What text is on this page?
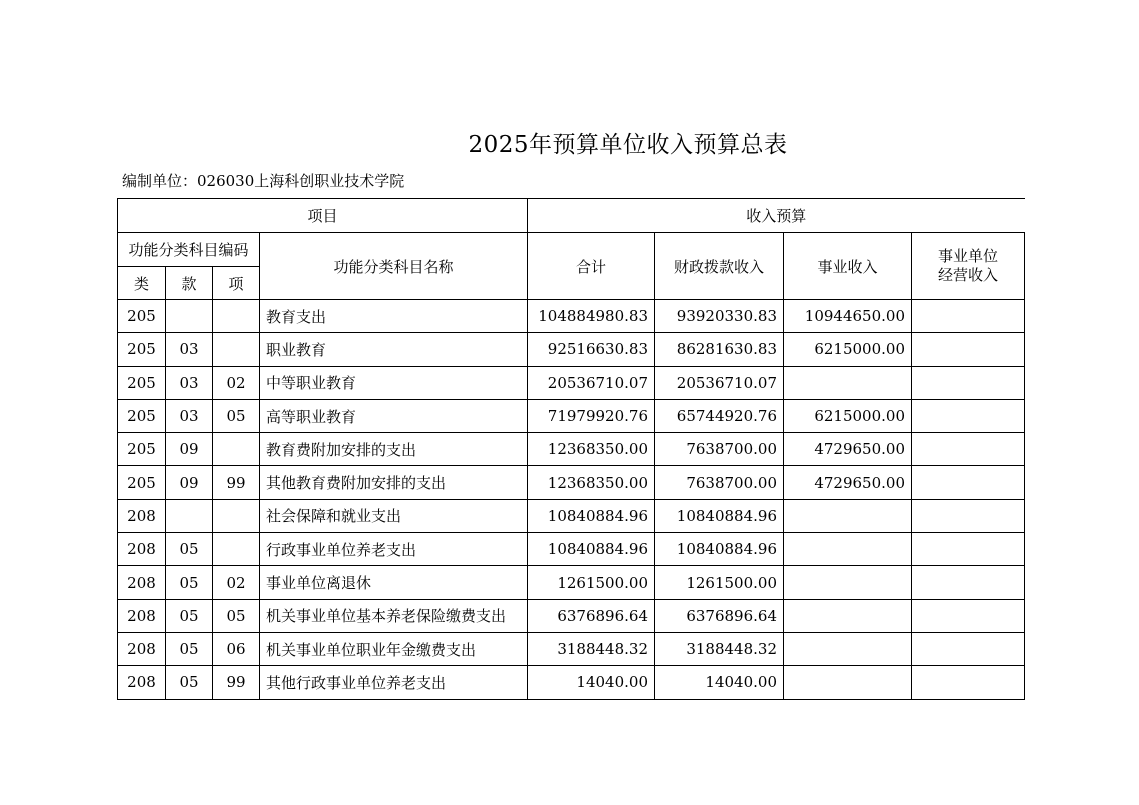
2025年预算单位收入预算总表
编制单位：026030上海科创职业技术学院
项目				收入预算			
功能分类科目编码			功能分类科目名称	合计	财政拨款收入	事业收入	事业单位
经营收入
类	款	项					
205			教育支出	104884980.83	93920330.83	10944650.00	
205	03		职业教育	92516630.83	86281630.83	6215000.00	
205	03	02	中等职业教育	20536710.07	20536710.07		
205	03	05	高等职业教育	71979920.76	65744920.76	6215000.00	
205	09		教育费附加安排的支出	12368350.00	7638700.00	4729650.00	
205	09	99	其他教育费附加安排的支出	12368350.00	7638700.00	4729650.00	
208			社会保障和就业支出	10840884.96	10840884.96		
208	05		行政事业单位养老支出	10840884.96	10840884.96		
208	05	02	事业单位离退休	1261500.00	1261500.00		
208	05	05	机关事业单位基本养老保险缴费支出	6376896.64	6376896.64		
208	05	06	机关事业单位职业年金缴费支出	3188448.32	3188448.32		
208	05	99	其他行政事业单位养老支出	14040.00	14040.00		
